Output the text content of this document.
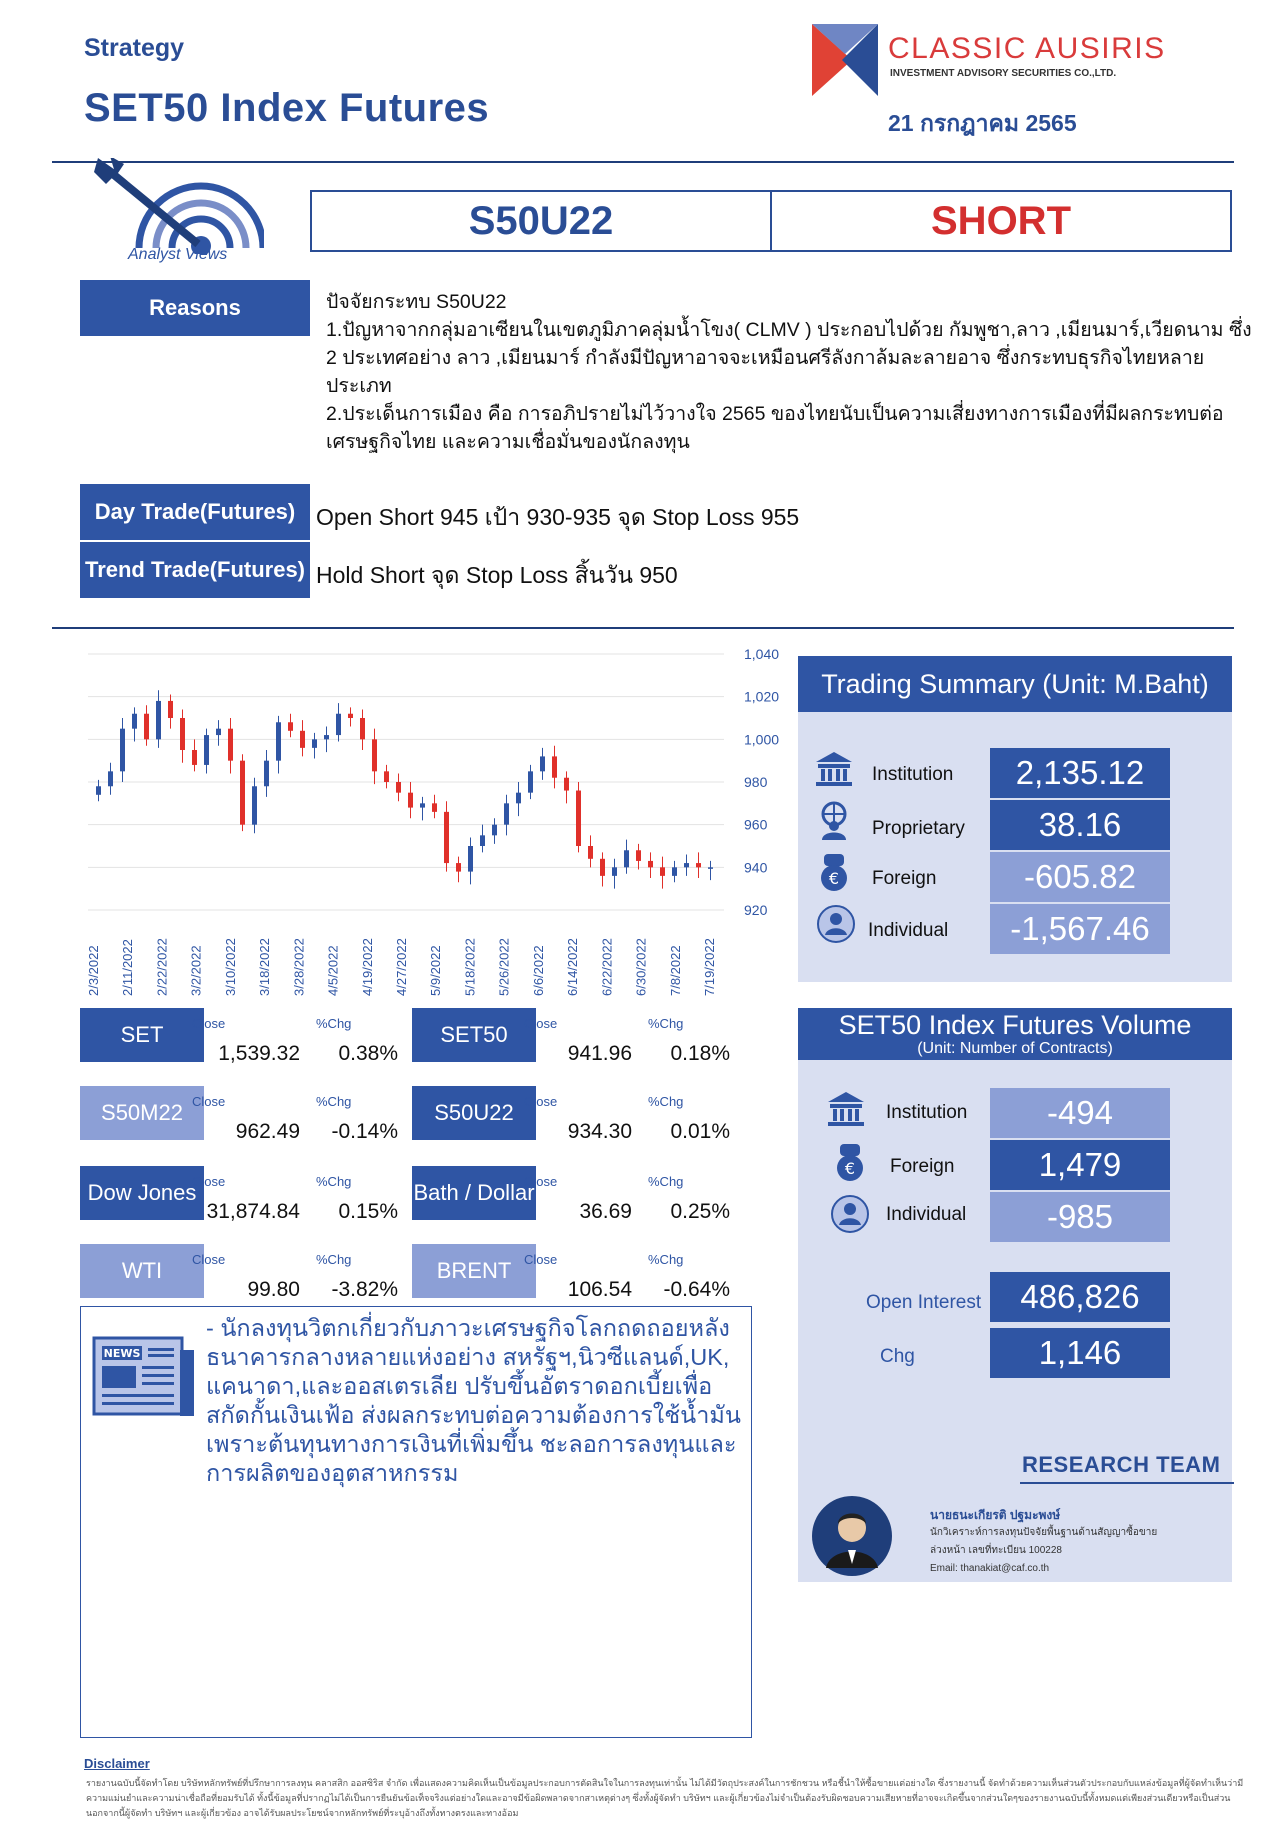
Strategy
SET50 Index Futures
CLASSIC AUSIRIS
INVESTMENT ADVISORY SECURITIES CO.,LTD.
21 กรกฎาคม 2565
Analyst Views
S50U22	SHORT
Reasons	ปัจจัยกระทบ S50U22
1.ปัญหาจากกลุ่มอาเซียนในเขตภูมิภาคลุ่มน้ำโขง( CLMV ) ประกอบไปด้วย กัมพูชา,ลาว ,เมียนมาร์,เวียดนาม ซึ่ง 2 ประเทศอย่าง ลาว ,เมียนมาร์ กำลังมีปัญหาอาจจะเหมือนศรีลังกาล้มละลายอาจ ซึ่งกระทบธุรกิจไทยหลายประเภท
2.ประเด็นการเมือง คือ การอภิปรายไม่ไว้วางใจ 2565 ของไทยนับเป็นความเสี่ยงทางการเมืองที่มีผลกระทบต่อเศรษฐกิจไทย และความเชื่อมั่นของนักลงทุน
Day Trade(Futures) Open Short 945 เป้า 930-935 จุด Stop Loss 955
Trend Trade(Futures) Hold Short จุด Stop Loss สิ้นวัน 950
1,040
1,020
1,000
980
960
940
920
2/3/2022 2/11/2022 2/22/2022 3/2/2022 3/10/2022 3/18/2022 3/28/2022 4/5/2022 4/19/2022 4/27/2022 5/9/2022 5/18/2022 5/26/2022 6/6/2022 6/14/2022 6/22/2022 6/30/2022 7/8/2022 7/19/2022
Trading Summary (Unit: M.Baht)
Institution	2,135.12
Proprietary	38.16
€ Foreign	-605.82
Individual	-1,567.46
SET50 Index Futures Volume
(Unit: Number of Contracts)
Institution	-494
€ Foreign	1,479
Individual	-985
Open Interest	486,826
Chg	1,146
SET	Close	%Chg
1,539.32	0.38%
SET50	Close	%Chg
941.96	0.18%
S50M22 Close	%Chg
962.49	-0.14%
S50U22 Close	%Chg
934.30	0.01%
Dow Jones
Close	%Chg
31,874.84	0.15%
Bath / Dollar
Close	%Chg
36.69	0.25%
WTI	Close	%Chg
99.80	-3.82%
BRENT Close	%Chg
106.54	-0.64%
NEWS
- นักลงทุนวิตกเกี่ยวกับภาวะเศรษฐกิจโลกถดถอยหลังธนาคารกลางหลายแห่งอย่าง สหรัฐฯ,นิวซีแลนด์,UK, แคนาดา,และออสเตรเลีย ปรับขึ้นอัตราดอกเบี้ยเพื่อสกัดกั้นเงินเฟ้อ ส่งผลกระทบต่อความต้องการใช้น้ำมัน เพราะต้นทุนทางการเงินที่เพิ่มขึ้น ชะลอการลงทุนและการผลิตของอุตสาหกรรม	RESEARCH TEAM
นายธนะเกียรติ ปฐมะพงษ์
นักวิเคราะห์การลงทุนปัจจัยพื้นฐานด้านสัญญาซื้อขาย
ล่วงหน้า เลขที่ทะเบียน 100228
Email: thanakiat@caf.co.th
Disclaimer
รายงานฉบับนี้จัดทำโดย บริษัทหลักทรัพย์ที่ปรึกษาการลงทุน คลาสสิก ออสซิริส จำกัด เพื่อแสดงความคิดเห็นเป็นข้อมูลประกอบการตัดสินใจในการลงทุนเท่านั้น ไม่ได้มีวัตถุประสงค์ในการชักชวน หรือชี้นำให้ซื้อขายแต่อย่างใด ซึ่งรายงานนี้ จัดทำด้วยความเห็นส่วนตัวประกอบกับแหล่งข้อมูลที่ผู้จัดทำเห็นว่ามีความแม่นยำและความน่าเชื่อถือที่ยอมรับได้ ทั้งนี้ข้อมูลที่ปรากฏไม่ได้เป็นการยืนยันข้อเท็จจริงแต่อย่างใดและอาจมีข้อผิดพลาดจากสาเหตุต่างๆ ซึ่งทั้งผู้จัดทำ บริษัทฯ และผู้เกี่ยวข้องไม่จำเป็นต้องรับผิดชอบความเสียหายที่อาจจะเกิดขึ้นจากส่วนใดๆของรายงานฉบับนี้ทั้งหมดแต่เพียงส่วนเดียวหรือเป็นส่วนนอกจากนี้ผู้จัดทำ บริษัทฯ และผู้เกี่ยวข้อง อาจได้รับผลประโยชน์จากหลักทรัพย์ที่ระบุอ้างถึงทั้งทางตรงและทางอ้อม
